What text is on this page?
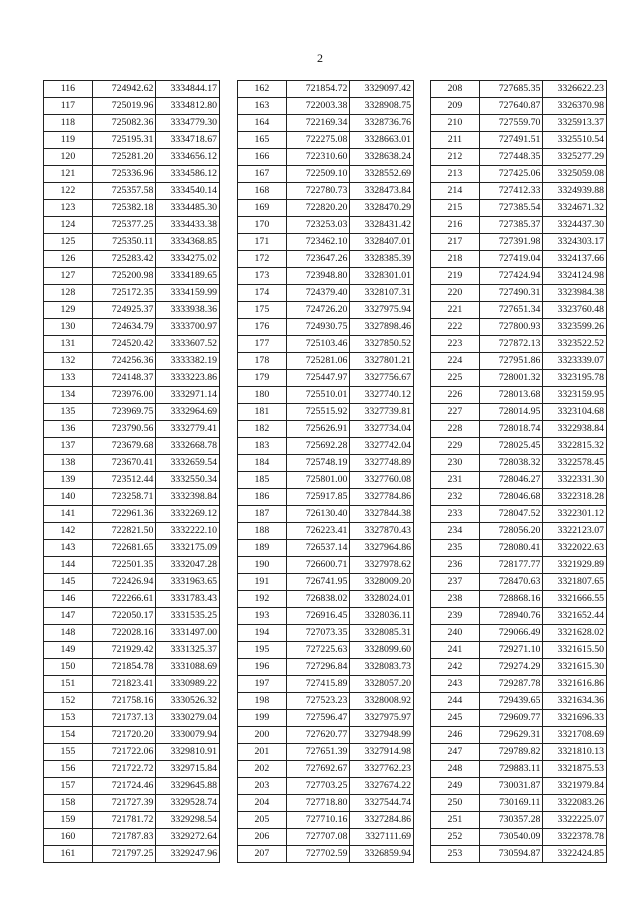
2
116	724942.62	3334844.17
117	725019.96	3334812.80
118	725082.36	3334779.30
119	725195.31	3334718.67
120	725281.20	3334656.12
121	725336.96	3334586.12
122	725357.58	3334540.14
123	725382.18	3334485.30
124	725377.25	3334433.38
125	725350.11	3334368.85
126	725283.42	3334275.02
127	725200.98	3334189.65
128	725172.35	3334159.99
129	724925.37	3333938.36
130	724634.79	3333700.97
131	724520.42	3333607.52
132	724256.36	3333382.19
133	724148.37	3333223.86
134	723976.00	3332971.14
135	723969.75	3332964.69
136	723790.56	3332779.41
137	723679.68	3332668.78
138	723670.41	3332659.54
139	723512.44	3332550.34
140	723258.71	3332398.84
141	722961.36	3332269.12
142	722821.50	3332222.10
143	722681.65	3332175.09
144	722501.35	3332047.28
145	722426.94	3331963.65
146	722266.61	3331783.43
147	722050.17	3331535.25
148	722028.16	3331497.00
149	721929.42	3331325.37
150	721854.78	3331088.69
151	721823.41	3330989.22
152	721758.16	3330526.32
153	721737.13	3330279.04
154	721720.20	3330079.94
155	721722.06	3329810.91
156	721722.72	3329715.84
157	721724.46	3329645.88
158	721727.39	3329528.74
159	721781.72	3329298.54
160	721787.83	3329272.64
161	721797.25	3329247.96
162	721854.72	3329097.42
163	722003.38	3328908.75
164	722169.34	3328736.76
165	722275.08	3328663.01
166	722310.60	3328638.24
167	722509.10	3328552.69
168	722780.73	3328473.84
169	722820.20	3328470.29
170	723253.03	3328431.42
171	723462.10	3328407.01
172	723647.26	3328385.39
173	723948.80	3328301.01
174	724379.40	3328107.31
175	724726.20	3327975.94
176	724930.75	3327898.46
177	725103.46	3327850.52
178	725281.06	3327801.21
179	725447.97	3327756.67
180	725510.01	3327740.12
181	725515.92	3327739.81
182	725626.91	3327734.04
183	725692.28	3327742.04
184	725748.19	3327748.89
185	725801.00	3327760.08
186	725917.85	3327784.86
187	726130.40	3327844.38
188	726223.41	3327870.43
189	726537.14	3327964.86
190	726600.71	3327978.62
191	726741.95	3328009.20
192	726838.02	3328024.01
193	726916.45	3328036.11
194	727073.35	3328085.31
195	727225.63	3328099.60
196	727296.84	3328083.73
197	727415.89	3328057.20
198	727523.23	3328008.92
199	727596.47	3327975.97
200	727620.77	3327948.99
201	727651.39	3327914.98
202	727692.67	3327762.23
203	727703.25	3327674.22
204	727718.80	3327544.74
205	727710.16	3327284.86
206	727707.08	3327111.69
207	727702.59	3326859.94
208	727685.35	3326622.23
209	727640.87	3326370.98
210	727559.70	3325913.37
211	727491.51	3325510.54
212	727448.35	3325277.29
213	727425.06	3325059.08
214	727412.33	3324939.88
215	727385.54	3324671.32
216	727385.37	3324437.30
217	727391.98	3324303.17
218	727419.04	3324137.66
219	727424.94	3324124.98
220	727490.31	3323984.38
221	727651.34	3323760.48
222	727800.93	3323599.26
223	727872.13	3323522.52
224	727951.86	3323339.07
225	728001.32	3323195.78
226	728013.68	3323159.95
227	728014.95	3323104.68
228	728018.74	3322938.84
229	728025.45	3322815.32
230	728038.32	3322578.45
231	728046.27	3322331.30
232	728046.68	3322318.28
233	728047.52	3322301.12
234	728056.20	3322123.07
235	728080.41	3322022.63
236	728177.77	3321929.89
237	728470.63	3321807.65
238	728868.16	3321666.55
239	728940.76	3321652.44
240	729066.49	3321628.02
241	729271.10	3321615.50
242	729274.29	3321615.30
243	729287.78	3321616.86
244	729439.65	3321634.36
245	729609.77	3321696.33
246	729629.31	3321708.69
247	729789.82	3321810.13
248	729883.11	3321875.53
249	730031.87	3321979.84
250	730169.11	3322083.26
251	730357.28	3322225.07
252	730540.09	3322378.78
253	730594.87	3322424.85
